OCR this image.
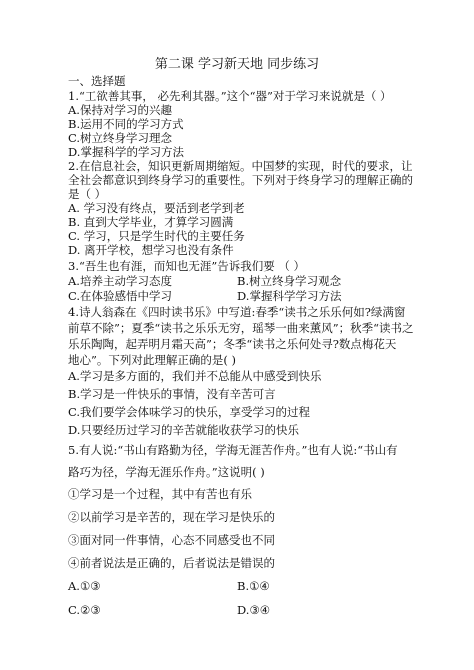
第二课 学习新天地 同步练习
一、选择题
1.“工欲善其事， 必先利其器。”这个“器”对于学习来说就是（ ）
A.保持对学习的兴趣
B.运用不同的学习方式
C.树立终身学习理念
D.掌握科学的学习方法
2.在信息社会，知识更新周期缩短。中国梦的实现，时代的要求，让
全社会都意识到终身学习的重要性。下列对于终身学习的理解正确的
是（ ）
A. 学习没有终点，要活到老学到老
B. 直到大学毕业，才算学习圆满
C. 学习，只是学生时代的主要任务
D. 离开学校，想学习也没有条件
3.“吾生也有涯，而知也无涯”告诉我们要 （ ）
A.培养主动学习态度	B.树立终身学习观念
C.在体验感悟中学习	D.掌握科学学习方法
4.诗人翁森在《四时读书乐》中写道:春季“读书之乐乐何如?绿满窗
前草不除”；夏季“读书之乐乐无穷，瑶琴一曲来薰风”；秋季“读书之
乐乐陶陶，起弄明月霜天高”；冬季“读书之乐何处寻?数点梅花天
地心”。下列对此理解正确的是( )
A.学习是多方面的，我们并不总能从中感受到快乐
B.学习是一件快乐的事情，没有辛苦可言
C.我们要学会体味学习的快乐，享受学习的过程
D.只要经历过学习的辛苦就能收获学习的快乐
5.有人说:“书山有路勤为径，学海无涯苦作舟。”也有人说:“书山有
路巧为径，学海无涯乐作舟。”这说明( )
①学习是一个过程，其中有苦也有乐
②以前学习是辛苦的，现在学习是快乐的
③面对同一件事情，心态不同感受也不同
④前者说法是正确的，后者说法是错误的
A.①③	B.①④
C.②③	D.③④
